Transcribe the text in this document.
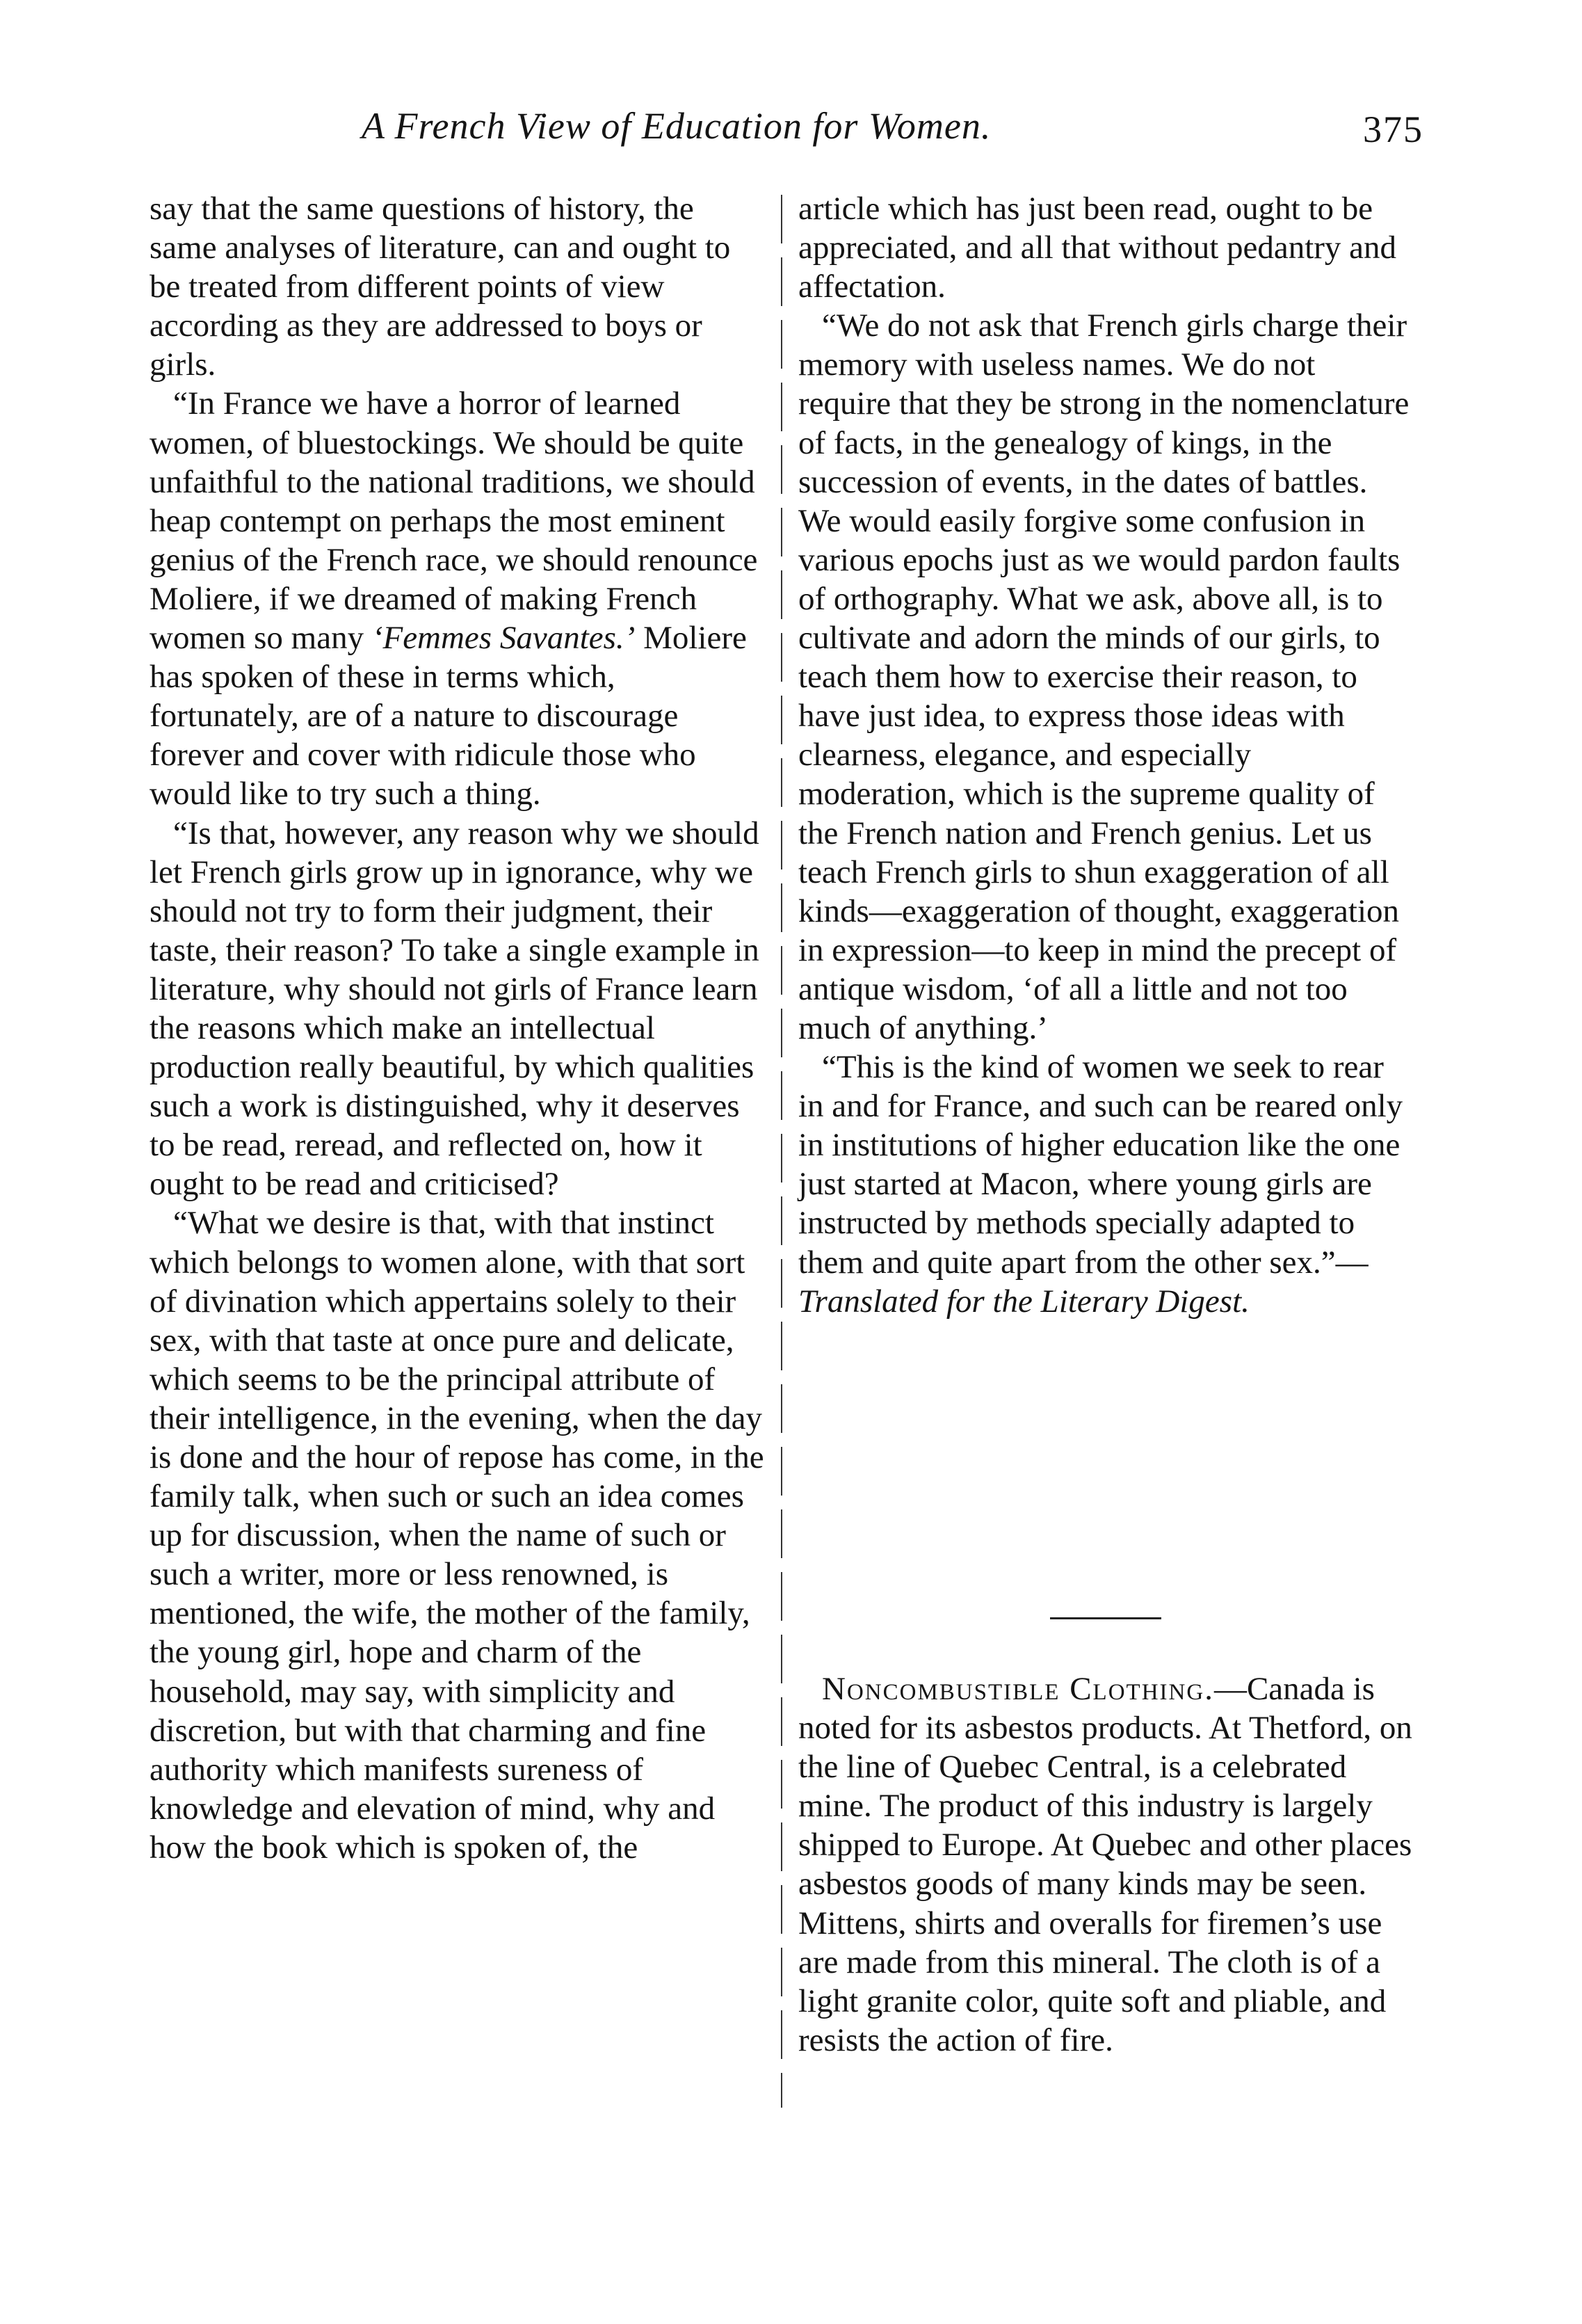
A French View of Education for Women.	375

say that the same questions of history, the same analyses of literature, can and ought to be treated from different points of view according as they are addressed to boys or girls.

“In France we have a horror of learned women, of bluestockings. We should be quite unfaithful to the national traditions, we should heap contempt on perhaps the most eminent genius of the French race, we should renounce Moliere, if we dreamed of making French women so many ‘Femmes Savantes.’ Moliere has spoken of these in terms which, fortunately, are of a nature to discourage forever and cover with ridicule those who would like to try such a thing.

“Is that, however, any reason why we should let French girls grow up in ignorance, why we should not try to form their judgment, their taste, their reason? To take a single example in literature, why should not girls of France learn the reasons which make an intellectual production really beautiful, by which qualities such a work is distinguished, why it deserves to be read, reread, and reflected on, how it ought to be read and criticised?

“What we desire is that, with that instinct which belongs to women alone, with that sort of divination which appertains solely to their sex, with that taste at once pure and delicate, which seems to be the principal attribute of their intelligence, in the evening, when the day is done and the hour of repose has come, in the family talk, when such or such an idea comes up for discussion, when the name of such or such a writer, more or less renowned, is mentioned, the wife, the mother of the family, the young girl, hope and charm of the household, may say, with simplicity and discretion, but with that charming and fine authority which manifests sureness of knowledge and elevation of mind, why and how the book which is spoken of, the

article which has just been read, ought to be appreciated, and all that without pedantry and affectation.

“We do not ask that French girls charge their memory with useless names. We do not require that they be strong in the nomenclature of facts, in the genealogy of kings, in the succession of events, in the dates of battles. We would easily forgive some confusion in various epochs just as we would pardon faults of orthography. What we ask, above all, is to cultivate and adorn the minds of our girls, to teach them how to exercise their reason, to have just idea, to express those ideas with clearness, elegance, and especially moderation, which is the supreme quality of the French nation and French genius. Let us teach French girls to shun exaggeration of all kinds—exaggeration of thought, exaggeration in expression—to keep in mind the precept of antique wisdom, ‘of all a little and not too much of anything.’

“This is the kind of women we seek to rear in and for France, and such can be reared only in institutions of higher education like the one just started at Macon, where young girls are instructed by methods specially adapted to them and quite apart from the other sex.”—Translated for the Literary Digest.

Noncombustible Clothing.—Canada is noted for its asbestos products. At Thetford, on the line of Quebec Central, is a celebrated mine. The product of this industry is largely shipped to Europe. At Quebec and other places asbestos goods of many kinds may be seen. Mittens, shirts and overalls for firemen’s use are made from this mineral. The cloth is of a light granite color, quite soft and pliable, and resists the action of fire.
